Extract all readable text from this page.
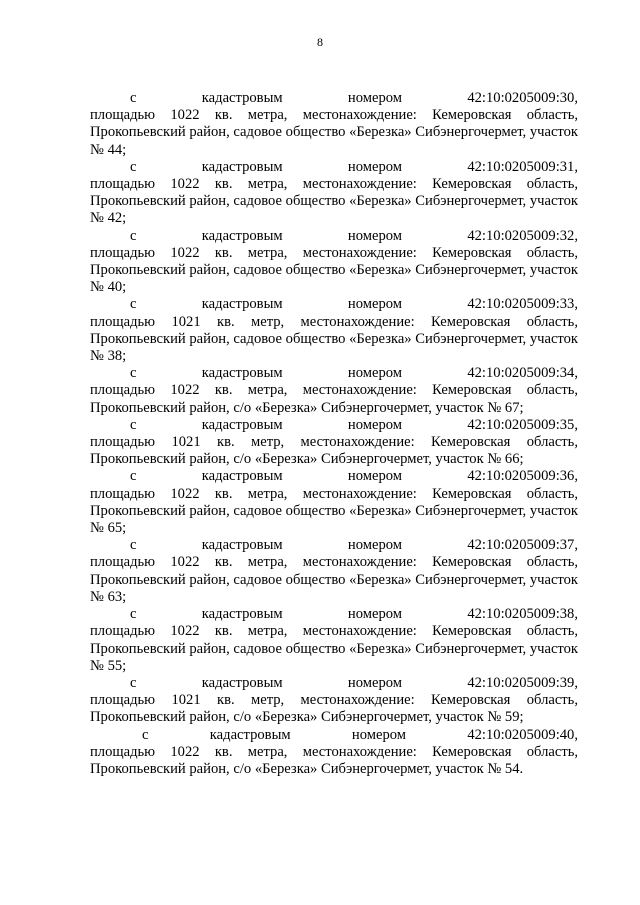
8
с	кадастровым	номером	42:10:0205009:30,
площадью 1022 кв. метра, местонахождение: Кемеровская область, Прокопьевский район, садовое общество «Березка» Сибэнергочермет, участок № 44;
с	кадастровым	номером	42:10:0205009:31,
площадью 1022 кв. метра, местонахождение: Кемеровская область, Прокопьевский район, садовое общество «Березка» Сибэнергочермет, участок № 42;
с	кадастровым	номером	42:10:0205009:32,
площадью 1022 кв. метра, местонахождение: Кемеровская область, Прокопьевский район, садовое общество «Березка» Сибэнергочермет, участок № 40;
с	кадастровым	номером	42:10:0205009:33,
площадью 1021 кв. метр, местонахождение: Кемеровская область, Прокопьевский район, садовое общество «Березка» Сибэнергочермет, участок № 38;
с	кадастровым	номером	42:10:0205009:34,
площадью 1022 кв. метра, местонахождение: Кемеровская область, Прокопьевский район, с/о «Березка» Сибэнергочермет, участок № 67;
с	кадастровым	номером	42:10:0205009:35,
площадью 1021 кв. метр, местонахождение: Кемеровская область, Прокопьевский район, с/о «Березка» Сибэнергочермет, участок № 66;
с	кадастровым	номером	42:10:0205009:36,
площадью 1022 кв. метра, местонахождение: Кемеровская область, Прокопьевский район, садовое общество «Березка» Сибэнергочермет, участок № 65;
с	кадастровым	номером	42:10:0205009:37,
площадью 1022 кв. метра, местонахождение: Кемеровская область, Прокопьевский район, садовое общество «Березка» Сибэнергочермет, участок № 63;
с	кадастровым	номером	42:10:0205009:38,
площадью 1022 кв. метра, местонахождение: Кемеровская область, Прокопьевский район, садовое общество «Березка» Сибэнергочермет, участок № 55;
с	кадастровым	номером	42:10:0205009:39,
площадью 1021 кв. метр, местонахождение: Кемеровская область, Прокопьевский район, с/о «Березка» Сибэнергочермет, участок № 59;
с	кадастровым	номером	42:10:0205009:40,
площадью 1022 кв. метра, местонахождение: Кемеровская область, Прокопьевский район, с/о «Березка» Сибэнергочермет, участок № 54.
